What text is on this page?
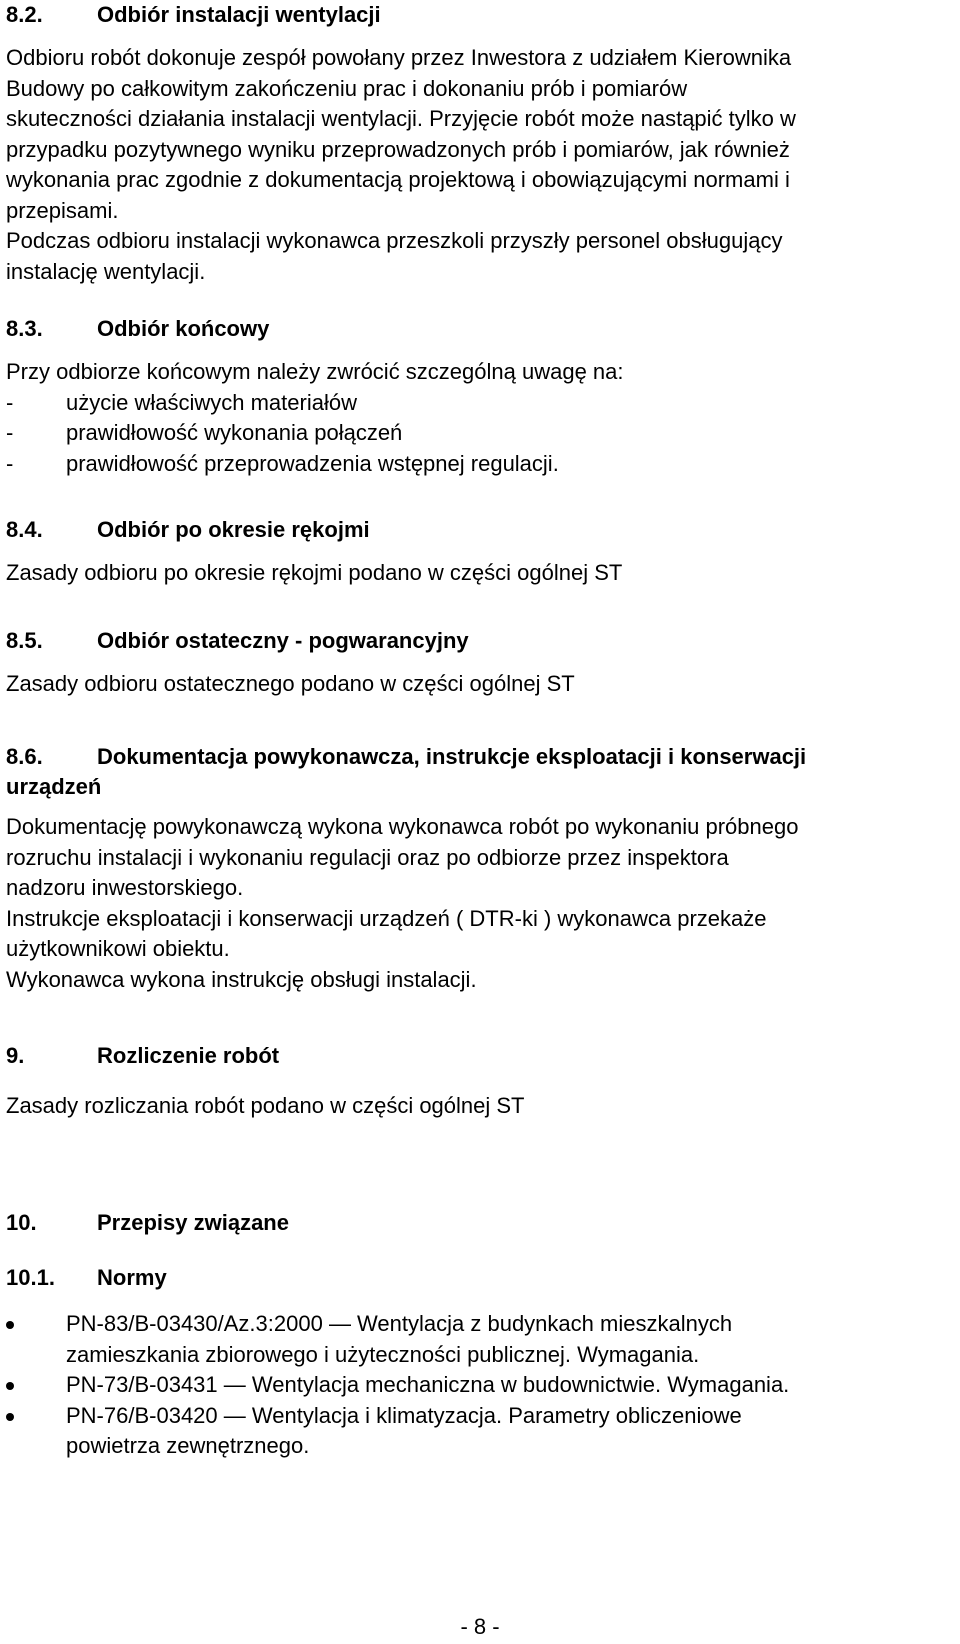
8.2. Odbiór instalacji wentylacji

Odbioru robót dokonuje zespół powołany przez Inwestora z udziałem Kierownika

Budowy po całkowitym zakończeniu prac i dokonaniu prób i pomiarów

skuteczności działania instalacji wentylacji. Przyjęcie robót może nastąpić tylko w

przypadku pozytywnego wyniku przeprowadzonych prób i pomiarów, jak również

wykonania prac zgodnie z dokumentacją projektową i obowiązującymi normami i

przepisami.

Podczas odbioru instalacji wykonawca przeszkoli przyszły personel obsługujący

instalację wentylacji.

8.3. Odbiór końcowy

Przy odbiorze końcowym należy zwrócić szczególną uwagę na:

- użycie właściwych materiałów
- prawidłowość wykonania połączeń
- prawidłowość przeprowadzenia wstępnej regulacji.
8.4. Odbiór po okresie rękojmi

Zasady odbioru po okresie rękojmi podano w części ogólnej ST

8.5. Odbiór ostateczny - pogwarancyjny

Zasady odbioru ostatecznego podano w części ogólnej ST

8.6. Dokumentacja powykonawcza, instrukcje eksploatacji i konserwacji
urządzeń

Dokumentację powykonawczą wykona wykonawca robót po wykonaniu próbnego

rozruchu instalacji i wykonaniu regulacji oraz po odbiorze przez inspektora

nadzoru inwestorskiego.

Instrukcje eksploatacji i konserwacji urządzeń ( DTR-ki ) wykonawca przekaże

użytkownikowi obiektu.

Wykonawca wykona instrukcję obsługi instalacji.

9.	Rozliczenie robót

Zasady rozliczania robót podano w części ogólnej ST

10.	Przepisy związane
10.1. Normy
PN-83/B-03430/Az.3:2000 — Wentylacja z budynkach mieszkalnych
zamieszkania zbiorowego i użyteczności publicznej. Wymagania.
PN-73/B-03431 — Wentylacja mechaniczna w budownictwie. Wymagania.
PN-76/B-03420 — Wentylacja i klimatyzacja. Parametry obliczeniowe
powietrza zewnętrznego.
- 8 -
